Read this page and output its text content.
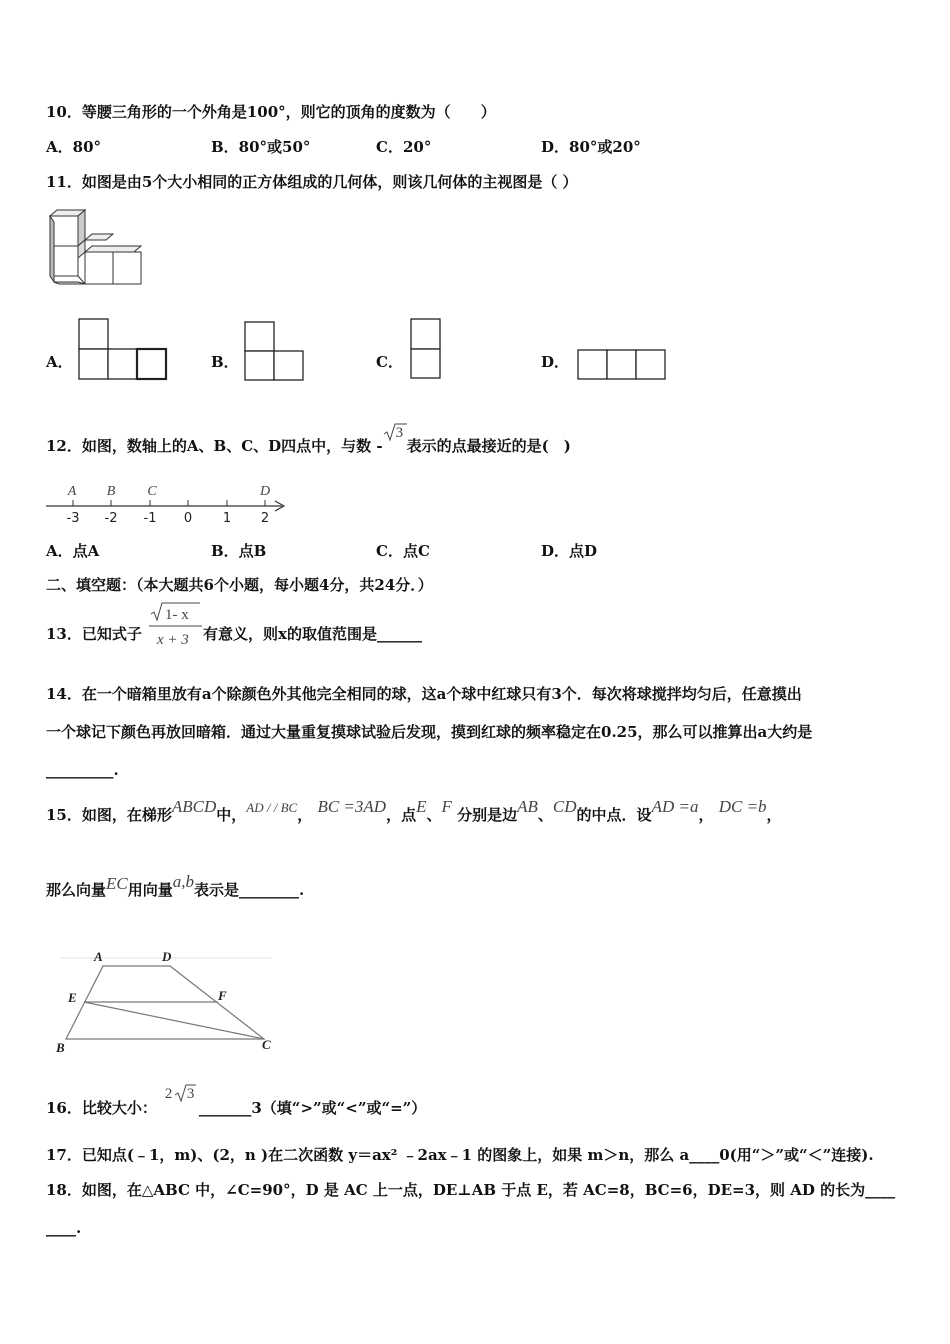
10．等腰三角形的一个外角是100°，则它的顶角的度数为（　　）
A．80°	B．80°或50°	C．20°	D．80°或20°
11．如图是由5个大小相同的正方体组成的几何体，则该几何体的主视图是（ ）
A．	B．	C．	D．
12．如图，数轴上的A、B、C、D四点中，与数 -
3
表示的点最接近的是(　)
A B C	D
-3 -2 -1 0 1 2
A．点A	B．点B	C．点C	D．点D
二、填空题：（本大题共6个小题，每小题4分，共24分．）
13．已知式子
1- x
x + 3 有意义，则x的取值范围是______
14．在一个暗箱里放有a个除颜色外其他完全相同的球，这a个球中红球只有3个．每次将球搅拌均匀后，任意摸出
一个球记下颜色再放回暗箱．通过大量重复摸球试验后发现，摸到红球的频率稳定在0.25，那么可以推算出a大约是
_________.
15．如图，在梯形ABCD中，AD / / BC， BC =3AD，点E、F 分别是边AB、CD的中点．设AD =a， DC =b，
那么向量EC用向量a,b表示是________.
A	D
E	F
B	C
16．比较大小：
2 3
_______3（填“>”或“<”或“=”）
17．已知点(﹣1，m)、(2，n )在二次函数 y＝ax² ﹣2ax﹣1 的图象上，如果 m＞n，那么 a____0(用“＞”或“＜”连接).
18．如图，在△ABC 中，∠C=90°，D 是 AC 上一点，DE⊥AB 于点 E，若 AC=8，BC=6，DE=3，则 AD 的长为____
____.
